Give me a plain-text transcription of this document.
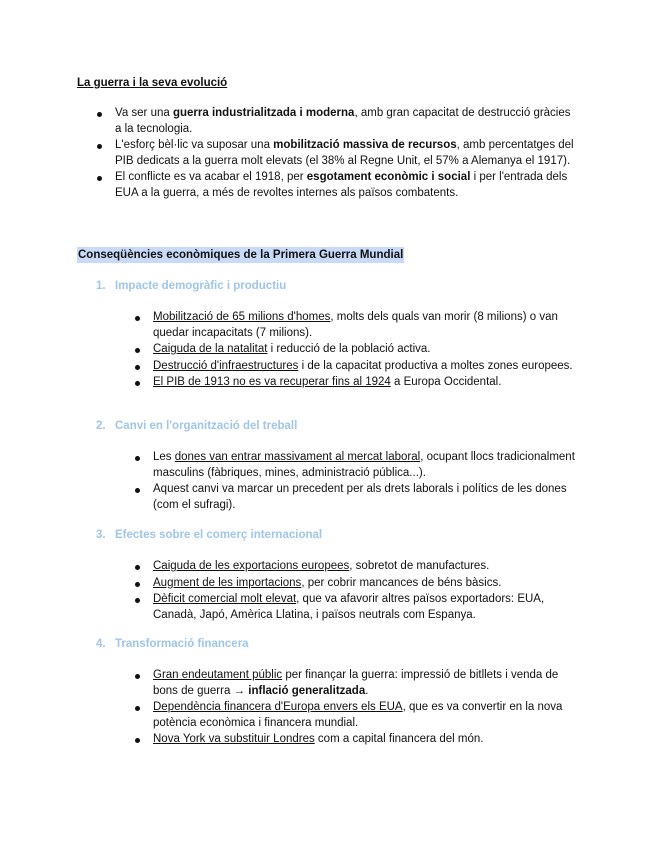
La guerra i la seva evolució
Va ser una guerra industrialitzada i moderna, amb gran capacitat de destrucció gràcies a la tecnologia.
L'esforç bèl·lic va suposar una mobilització massiva de recursos, amb percentatges del PIB dedicats a la guerra molt elevats (el 38% al Regne Unit, el 57% a Alemanya el 1917).
El conflicte es va acabar el 1918, per esgotament econòmic i social i per l'entrada dels EUA a la guerra, a més de revoltes internes als països combatents.
Conseqüències econòmiques de la Primera Guerra Mundial
1. Impacte demogràfic i productiu
Mobilització de 65 milions d'homes, molts dels quals van morir (8 milions) o van quedar incapacitats (7 milions).
Caiguda de la natalitat i reducció de la població activa.
Destrucció d'infraestructures i de la capacitat productiva a moltes zones europees.
El PIB de 1913 no es va recuperar fins al 1924 a Europa Occidental.
2. Canvi en l'organització del treball
Les dones van entrar massivament al mercat laboral, ocupant llocs tradicionalment masculins (fàbriques, mines, administració pública...).
Aquest canvi va marcar un precedent per als drets laborals i polítics de les dones (com el sufragi).
3. Efectes sobre el comerç internacional
Caiguda de les exportacions europees, sobretot de manufactures.
Augment de les importacions, per cobrir mancances de béns bàsics.
Dèficit comercial molt elevat, que va afavorir altres països exportadors: EUA, Canadà, Japó, Amèrica Llatina, i països neutrals com Espanya.
4. Transformació financera
Gran endeutament públic per finançar la guerra: impressió de bitllets i venda de bons de guerra → inflació generalitzada.
Dependència financera d'Europa envers els EUA, que es va convertir en la nova potència econòmica i financera mundial.
Nova York va substituir Londres com a capital financera del món.
